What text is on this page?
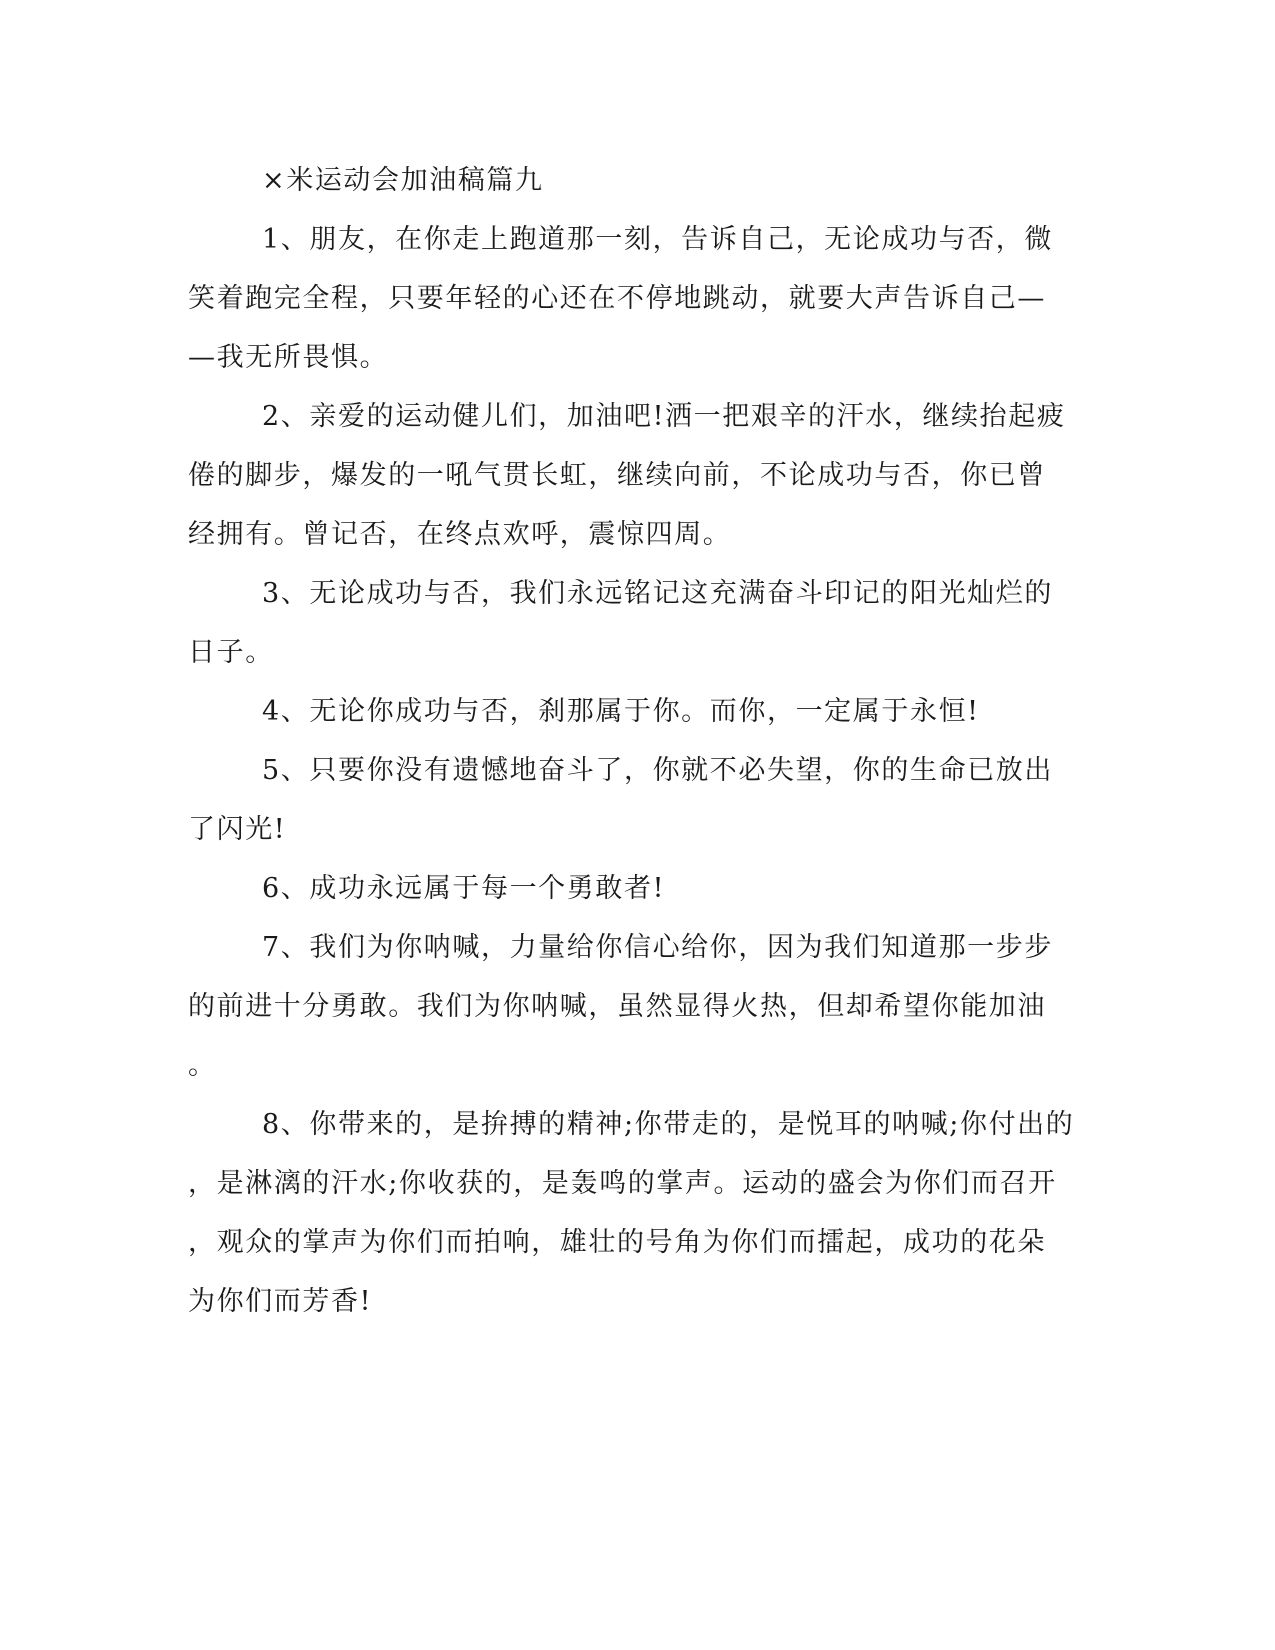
×米运动会加油稿篇九
1、朋友，在你走上跑道那一刻，告诉自己，无论成功与否，微
笑着跑完全程，只要年轻的心还在不停地跳动，就要大声告诉自己—
—我无所畏惧。
2、亲爱的运动健儿们，加油吧!洒一把艰辛的汗水，继续抬起疲
倦的脚步，爆发的一吼气贯长虹，继续向前，不论成功与否，你已曾
经拥有。曾记否，在终点欢呼，震惊四周。
3、无论成功与否，我们永远铭记这充满奋斗印记的阳光灿烂的
日子。
4、无论你成功与否，刹那属于你。而你，一定属于永恒!
5、只要你没有遗憾地奋斗了，你就不必失望，你的生命已放出
了闪光!
6、成功永远属于每一个勇敢者!
7、我们为你呐喊，力量给你信心给你，因为我们知道那一步步
的前进十分勇敢。我们为你呐喊，虽然显得火热，但却希望你能加油
。
8、你带来的，是拚搏的精神;你带走的，是悦耳的呐喊;你付出的
，是淋漓的汗水;你收获的，是轰鸣的掌声。运动的盛会为你们而召开
，观众的掌声为你们而拍响，雄壮的号角为你们而擂起，成功的花朵
为你们而芳香!
